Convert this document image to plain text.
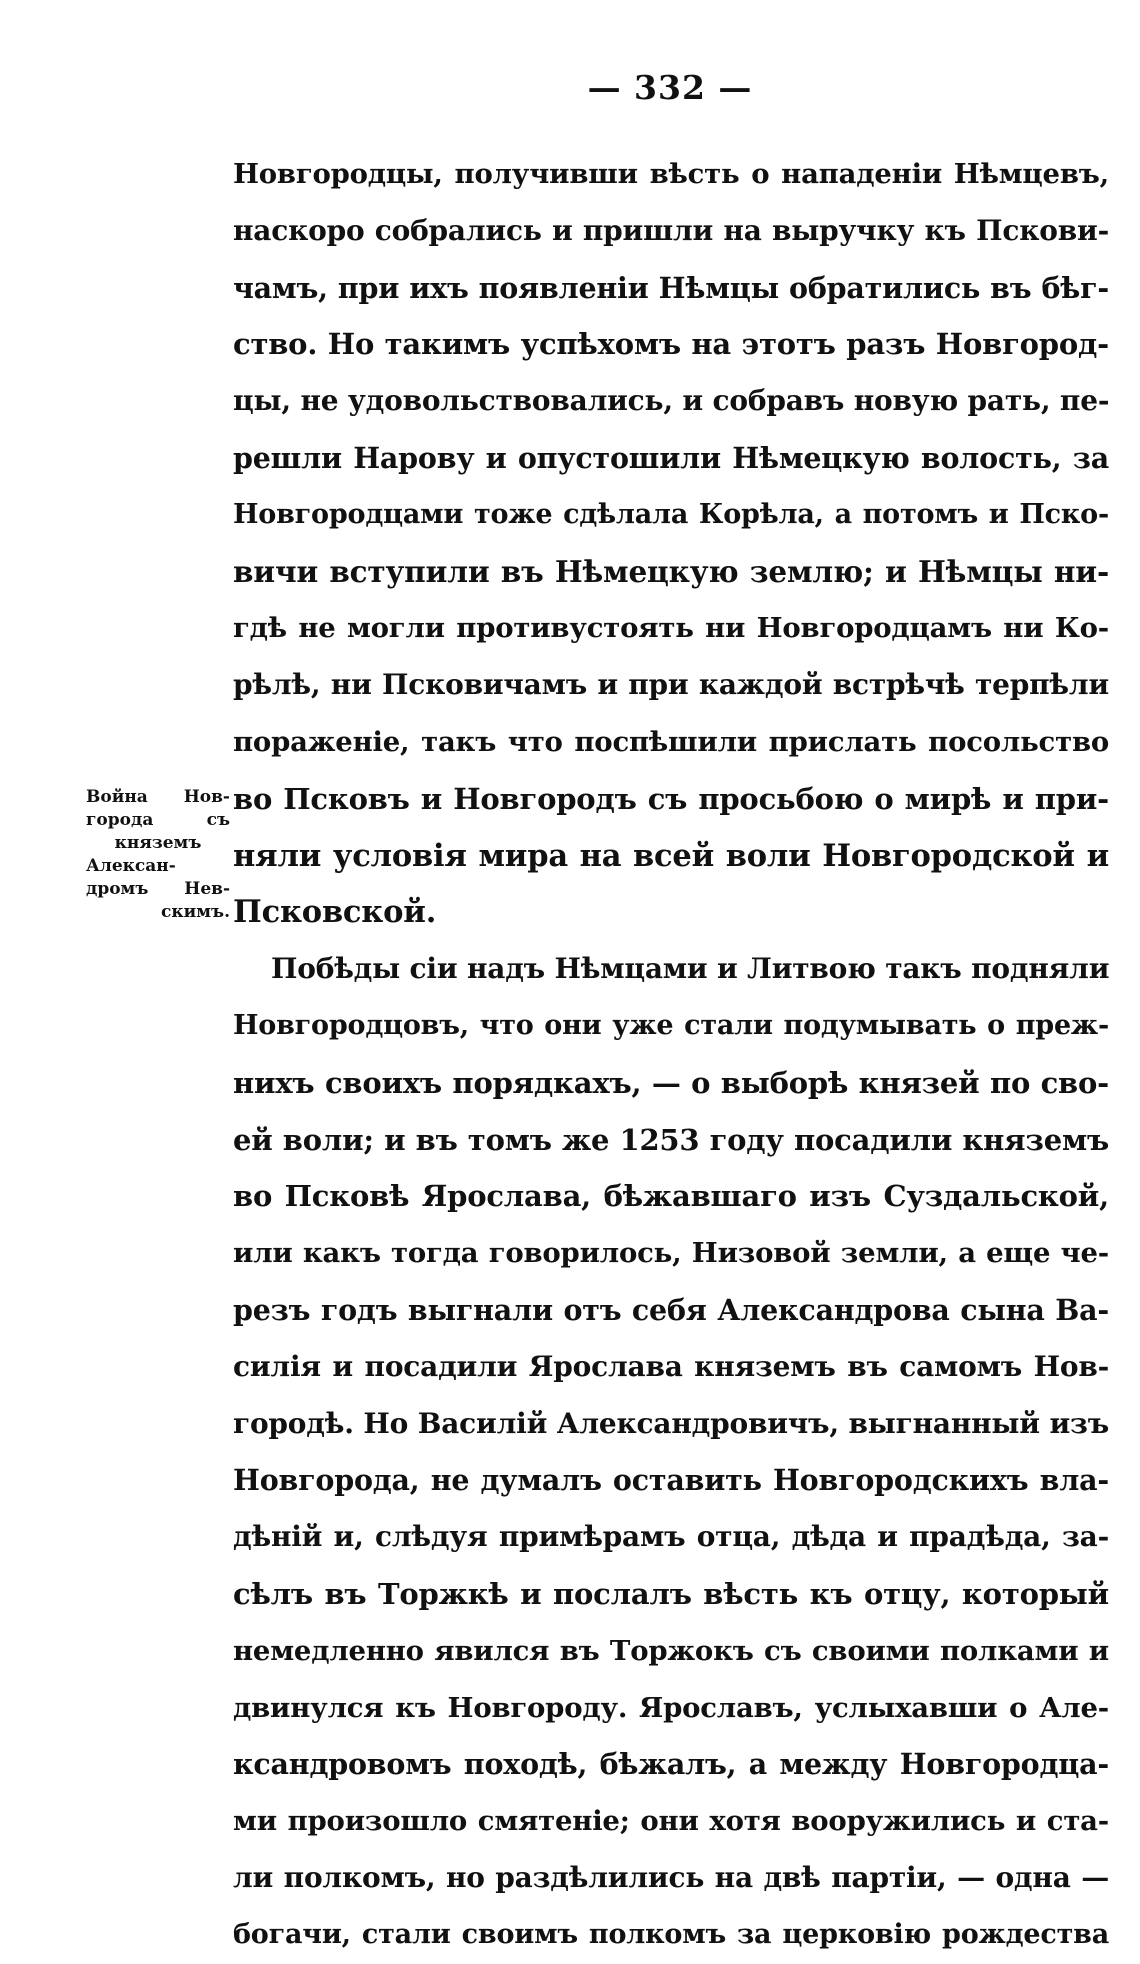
— 332 —
Война Нов-
города съ
княземъ
Алексан-
дромъ Нев-
скимъ.
Новгородцы, получивши вѣсть о нападеніи Нѣмцевъ,
наскоро собрались и пришли на выручку къ Пскови-
чамъ, при ихъ появленіи Нѣмцы обратились въ бѣг-
ство. Но такимъ успѣхомъ на этотъ разъ Новгород-
цы, не удовольствовались, и собравъ новую рать, пе-
решли Нарову и опустошили Нѣмецкую волость, за
Новгородцами тоже сдѣлала Корѣла, а потомъ и Пско-
вичи вступили въ Нѣмецкую землю; и Нѣмцы ни-
гдѣ не могли противустоять ни Новгородцамъ ни Ко-
рѣлѣ, ни Псковичамъ и при каждой встрѣчѣ терпѣли
пораженіе, такъ что поспѣшили прислать посольство
во Псковъ и Новгородъ съ просьбою о мирѣ и при-
няли условія мира на всей воли Новгородской и
Псковской.
Побѣды сіи надъ Нѣмцами и Литвою такъ подняли
Новгородцовъ, что они уже стали подумывать о преж-
нихъ своихъ порядкахъ, — о выборѣ князей по сво-
ей воли; и въ томъ же 1253 году посадили княземъ
во Псковѣ Ярослава, бѣжавшаго изъ Суздальской,
или какъ тогда говорилось, Низовой земли, а еще че-
резъ годъ выгнали отъ себя Александрова сына Ва-
силія и посадили Ярослава княземъ въ самомъ Нов-
городѣ. Но Василій Александровичъ, выгнанный изъ
Новгорода, не думалъ оставить Новгородскихъ вла-
дѣній и, слѣдуя примѣрамъ отца, дѣда и прадѣда, за-
сѣлъ въ Торжкѣ и послалъ вѣсть къ отцу, который
немедленно явился въ Торжокъ съ своими полками и
двинулся къ Новгороду. Ярославъ, услыхавши о Але-
ксандровомъ походѣ, бѣжалъ, а между Новгородца-
ми произошло смятеніе; они хотя вооружились и ста-
ли полкомъ, но раздѣлились на двѣ партіи, — одна —
богачи, стали своимъ полкомъ за церковію рождества
